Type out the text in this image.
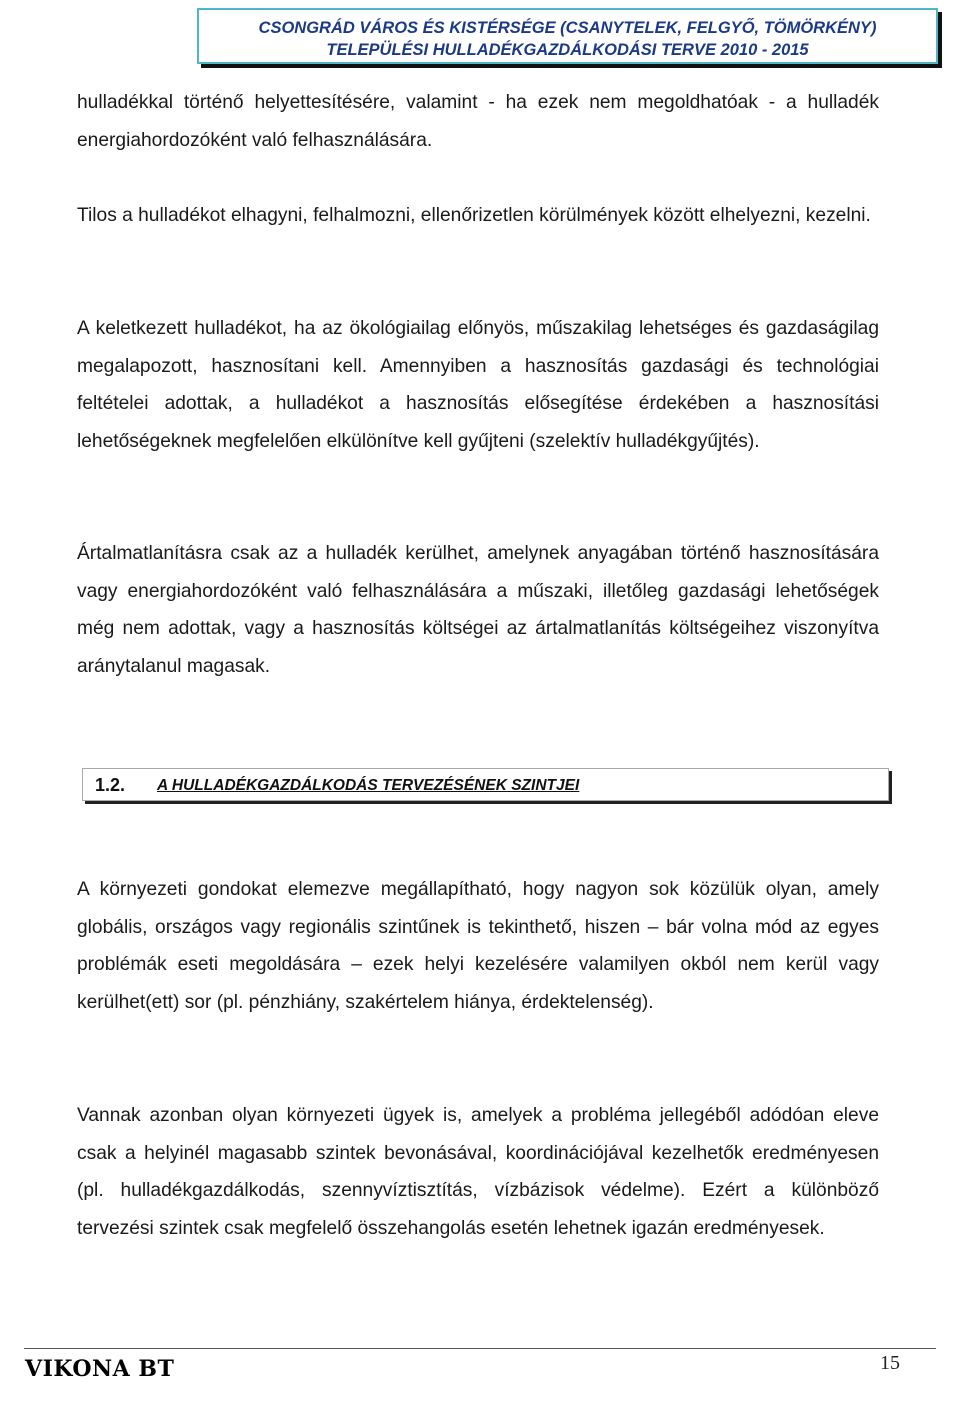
CSONGRÁD VÁROS ÉS KISTÉRSÉGE (CSANYTELEK, FELGYŐ, TÖMÖRKÉNY)
TELEPÜLÉSI HULLADÉKGAZDÁLKODÁSI TERVE 2010 - 2015

hulladékkal történő helyettesítésére, valamint - ha ezek nem megoldhatóak - a hulladék energiahordozóként való felhasználására.

Tilos a hulladékot elhagyni, felhalmozni, ellenőrizetlen körülmények között elhelyezni, kezelni.

A keletkezett hulladékot, ha az ökológiailag előnyös, műszakilag lehetséges és gazdaságilag megalapozott, hasznosítani kell. Amennyiben a hasznosítás gazdasági és technológiai feltételei adottak, a hulladékot a hasznosítás elősegítése érdekében a hasznosítási lehetőségeknek megfelelően elkülönítve kell gyűjteni (szelektív hulladékgyűjtés).

Ártalmatlanításra csak az a hulladék kerülhet, amelynek anyagában történő hasznosítására vagy energiahordozóként való felhasználására a műszaki, illetőleg gazdasági lehetőségek még nem adottak, vagy a hasznosítás költségei az ártalmatlanítás költségeihez viszonyítva aránytalanul magasak.

1.2. A HULLADÉKGAZDÁLKODÁS TERVEZÉSÉNEK SZINTJEI

A környezeti gondokat elemezve megállapítható, hogy nagyon sok közülük olyan, amely globális, országos vagy regionális szintűnek is tekinthető, hiszen – bár volna mód az egyes problémák eseti megoldására – ezek helyi kezelésére valamilyen okból nem kerül vagy kerülhet(ett) sor (pl. pénzhiány, szakértelem hiánya, érdektelenség).

Vannak azonban olyan környezeti ügyek is, amelyek a probléma jellegéből adódóan eleve csak a helyinél magasabb szintek bevonásával, koordinációjával kezelhetők eredményesen (pl. hulladékgazdálkodás, szennyvíztisztítás, vízbázisok védelme). Ezért a különböző tervezési szintek csak megfelelő összehangolás esetén lehetnek igazán eredményesek.

VIKONA BT	15
